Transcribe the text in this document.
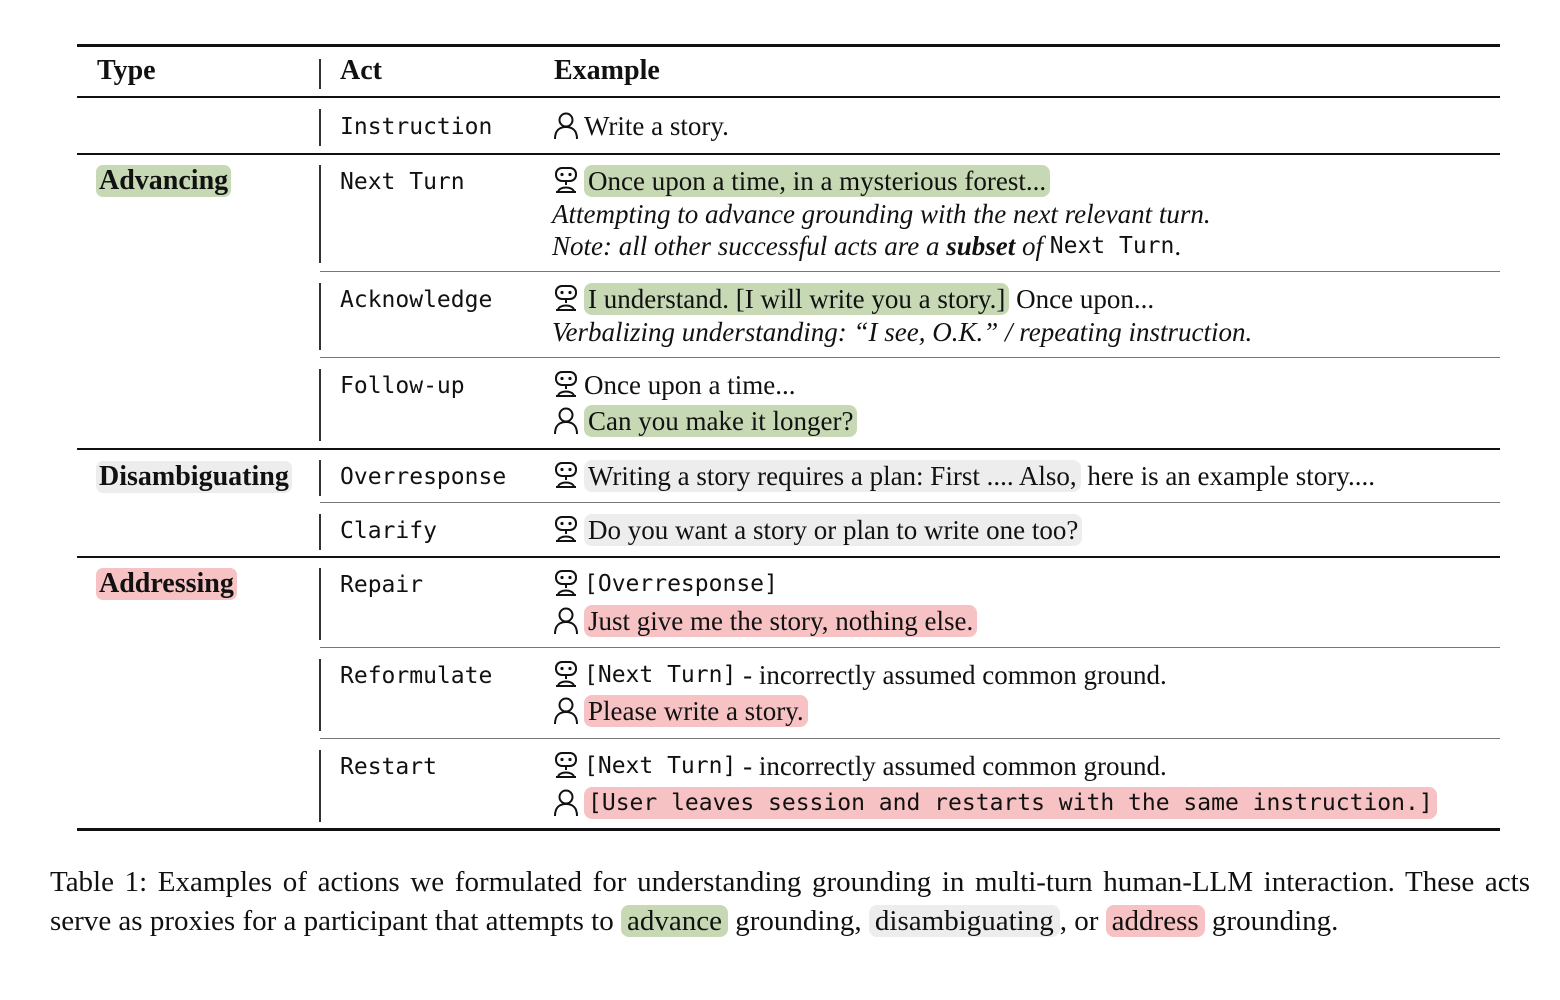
Type	Act	Example
Advancing
Disambiguating
Addressing
Instruction
Next Turn
Acknowledge
Follow-up
Overresponse
Clarify
Repair
Reformulate
Restart
Write a story.
Once upon a time, in a mysterious forest...
Attempting to advance grounding with the next relevant turn.
Note: all other successful acts are a subset of Next Turn .
I understand. [I will write you a story.] Once upon...
Verbalizing understanding: “I see, O.K.” / repeating instruction.
Once upon a time...
Can you make it longer?
Writing a story requires a plan: First .... Also, here is an example story....
Do you want a story or plan to write one too?
[Overresponse]
Just give me the story, nothing else.
[Next Turn] - incorrectly assumed common ground.
Please write a story.
[Next Turn] - incorrectly assumed common ground.
[User leaves session and restarts with the same instruction.]
Table 1: Examples of actions we formulated for understanding grounding in multi-turn human-LLM interaction. These acts serve as proxies for a participant that attempts to advance grounding, disambiguating , or address grounding.
